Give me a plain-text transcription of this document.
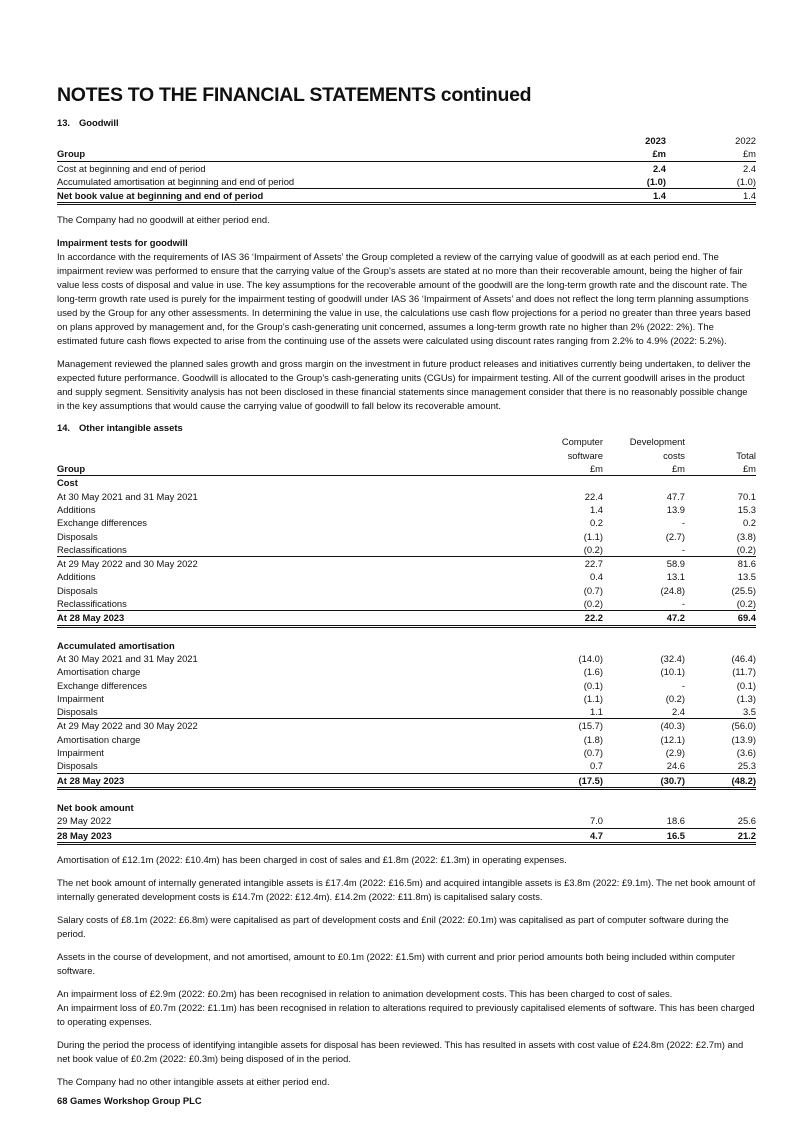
NOTES TO THE FINANCIAL STATEMENTS continued
13. Goodwill
	2023	2022
Group	£m	£m
Cost at beginning and end of period	2.4	2.4
Accumulated amortisation at beginning and end of period	(1.0)	(1.0)
Net book value at beginning and end of period	1.4	1.4

The Company had no goodwill at either period end.

Impairment tests for goodwill

In accordance with the requirements of IAS 36 ‘Impairment of Assets’ the Group completed a review of the carrying value of goodwill as at each period end. The impairment review was performed to ensure that the carrying value of the Group’s assets are stated at no more than their recoverable amount, being the higher of fair value less costs of disposal and value in use. The key assumptions for the recoverable amount of the goodwill are the long-term growth rate and the discount rate. The long-term growth rate used is purely for the impairment testing of goodwill under IAS 36 ‘Impairment of Assets’ and does not reflect the long term planning assumptions used by the Group for any other assessments. In determining the value in use, the calculations use cash flow projections for a period no greater than three years based on plans approved by management and, for the Group’s cash-generating unit concerned, assumes a long-term growth rate no higher than 2% (2022: 2%). The estimated future cash flows expected to arise from the continuing use of the assets were calculated using discount rates ranging from 2.2% to 4.9% (2022: 5.2%).

Management reviewed the planned sales growth and gross margin on the investment in future product releases and initiatives currently being undertaken, to deliver the expected future performance. Goodwill is allocated to the Group’s cash-generating units (CGUs) for impairment testing. All of the current goodwill arises in the product and supply segment. Sensitivity analysis has not been disclosed in these financial statements since management consider that there is no reasonably possible change in the key assumptions that would cause the carrying value of goodwill to fall below its recoverable amount.

14. Other intangible assets
	Computer	Development	
	software	costs	Total
Group	£m	£m	£m
Cost			
At 30 May 2021 and 31 May 2021	22.4	47.7	70.1
Additions	1.4	13.9	15.3
Exchange differences	0.2	-	0.2
Disposals	(1.1)	(2.7)	(3.8)
Reclassifications	(0.2)	-	(0.2)
At 29 May 2022 and 30 May 2022	22.7	58.9	81.6
Additions	0.4	13.1	13.5
Disposals	(0.7)	(24.8)	(25.5)
Reclassifications	(0.2)	-	(0.2)
At 28 May 2023	22.2	47.2	69.4

Accumulated amortisation			
At 30 May 2021 and 31 May 2021	(14.0)	(32.4)	(46.4)
Amortisation charge	(1.6)	(10.1)	(11.7)
Exchange differences	(0.1)	-	(0.1)
Impairment	(1.1)	(0.2)	(1.3)
Disposals	1.1	2.4	3.5
At 29 May 2022 and 30 May 2022	(15.7)	(40.3)	(56.0)
Amortisation charge	(1.8)	(12.1)	(13.9)
Impairment	(0.7)	(2.9)	(3.6)
Disposals	0.7	24.6	25.3
At 28 May 2023	(17.5)	(30.7)	(48.2)

Net book amount			
29 May 2022	7.0	18.6	25.6
28 May 2023	4.7	16.5	21.2

Amortisation of £12.1m (2022: £10.4m) has been charged in cost of sales and £1.8m (2022: £1.3m) in operating expenses.

The net book amount of internally generated intangible assets is £17.4m (2022: £16.5m) and acquired intangible assets is £3.8m (2022: £9.1m). The net book amount of internally generated development costs is £14.7m (2022: £12.4m). £14.2m (2022: £11.8m) is capitalised salary costs.

Salary costs of £8.1m (2022: £6.8m) were capitalised as part of development costs and £nil (2022: £0.1m) was capitalised as part of computer software during the period.

Assets in the course of development, and not amortised, amount to £0.1m (2022: £1.5m) with current and prior period amounts both being included within computer software.

An impairment loss of £2.9m (2022: £0.2m) has been recognised in relation to animation development costs. This has been charged to cost of sales.

An impairment loss of £0.7m (2022: £1.1m) has been recognised in relation to alterations required to previously capitalised elements of software. This has been charged to operating expenses.

During the period the process of identifying intangible assets for disposal has been reviewed. This has resulted in assets with cost value of £24.8m (2022: £2.7m) and net book value of £0.2m (2022: £0.3m) being disposed of in the period.

The Company had no other intangible assets at either period end.

68 Games Workshop Group PLC
